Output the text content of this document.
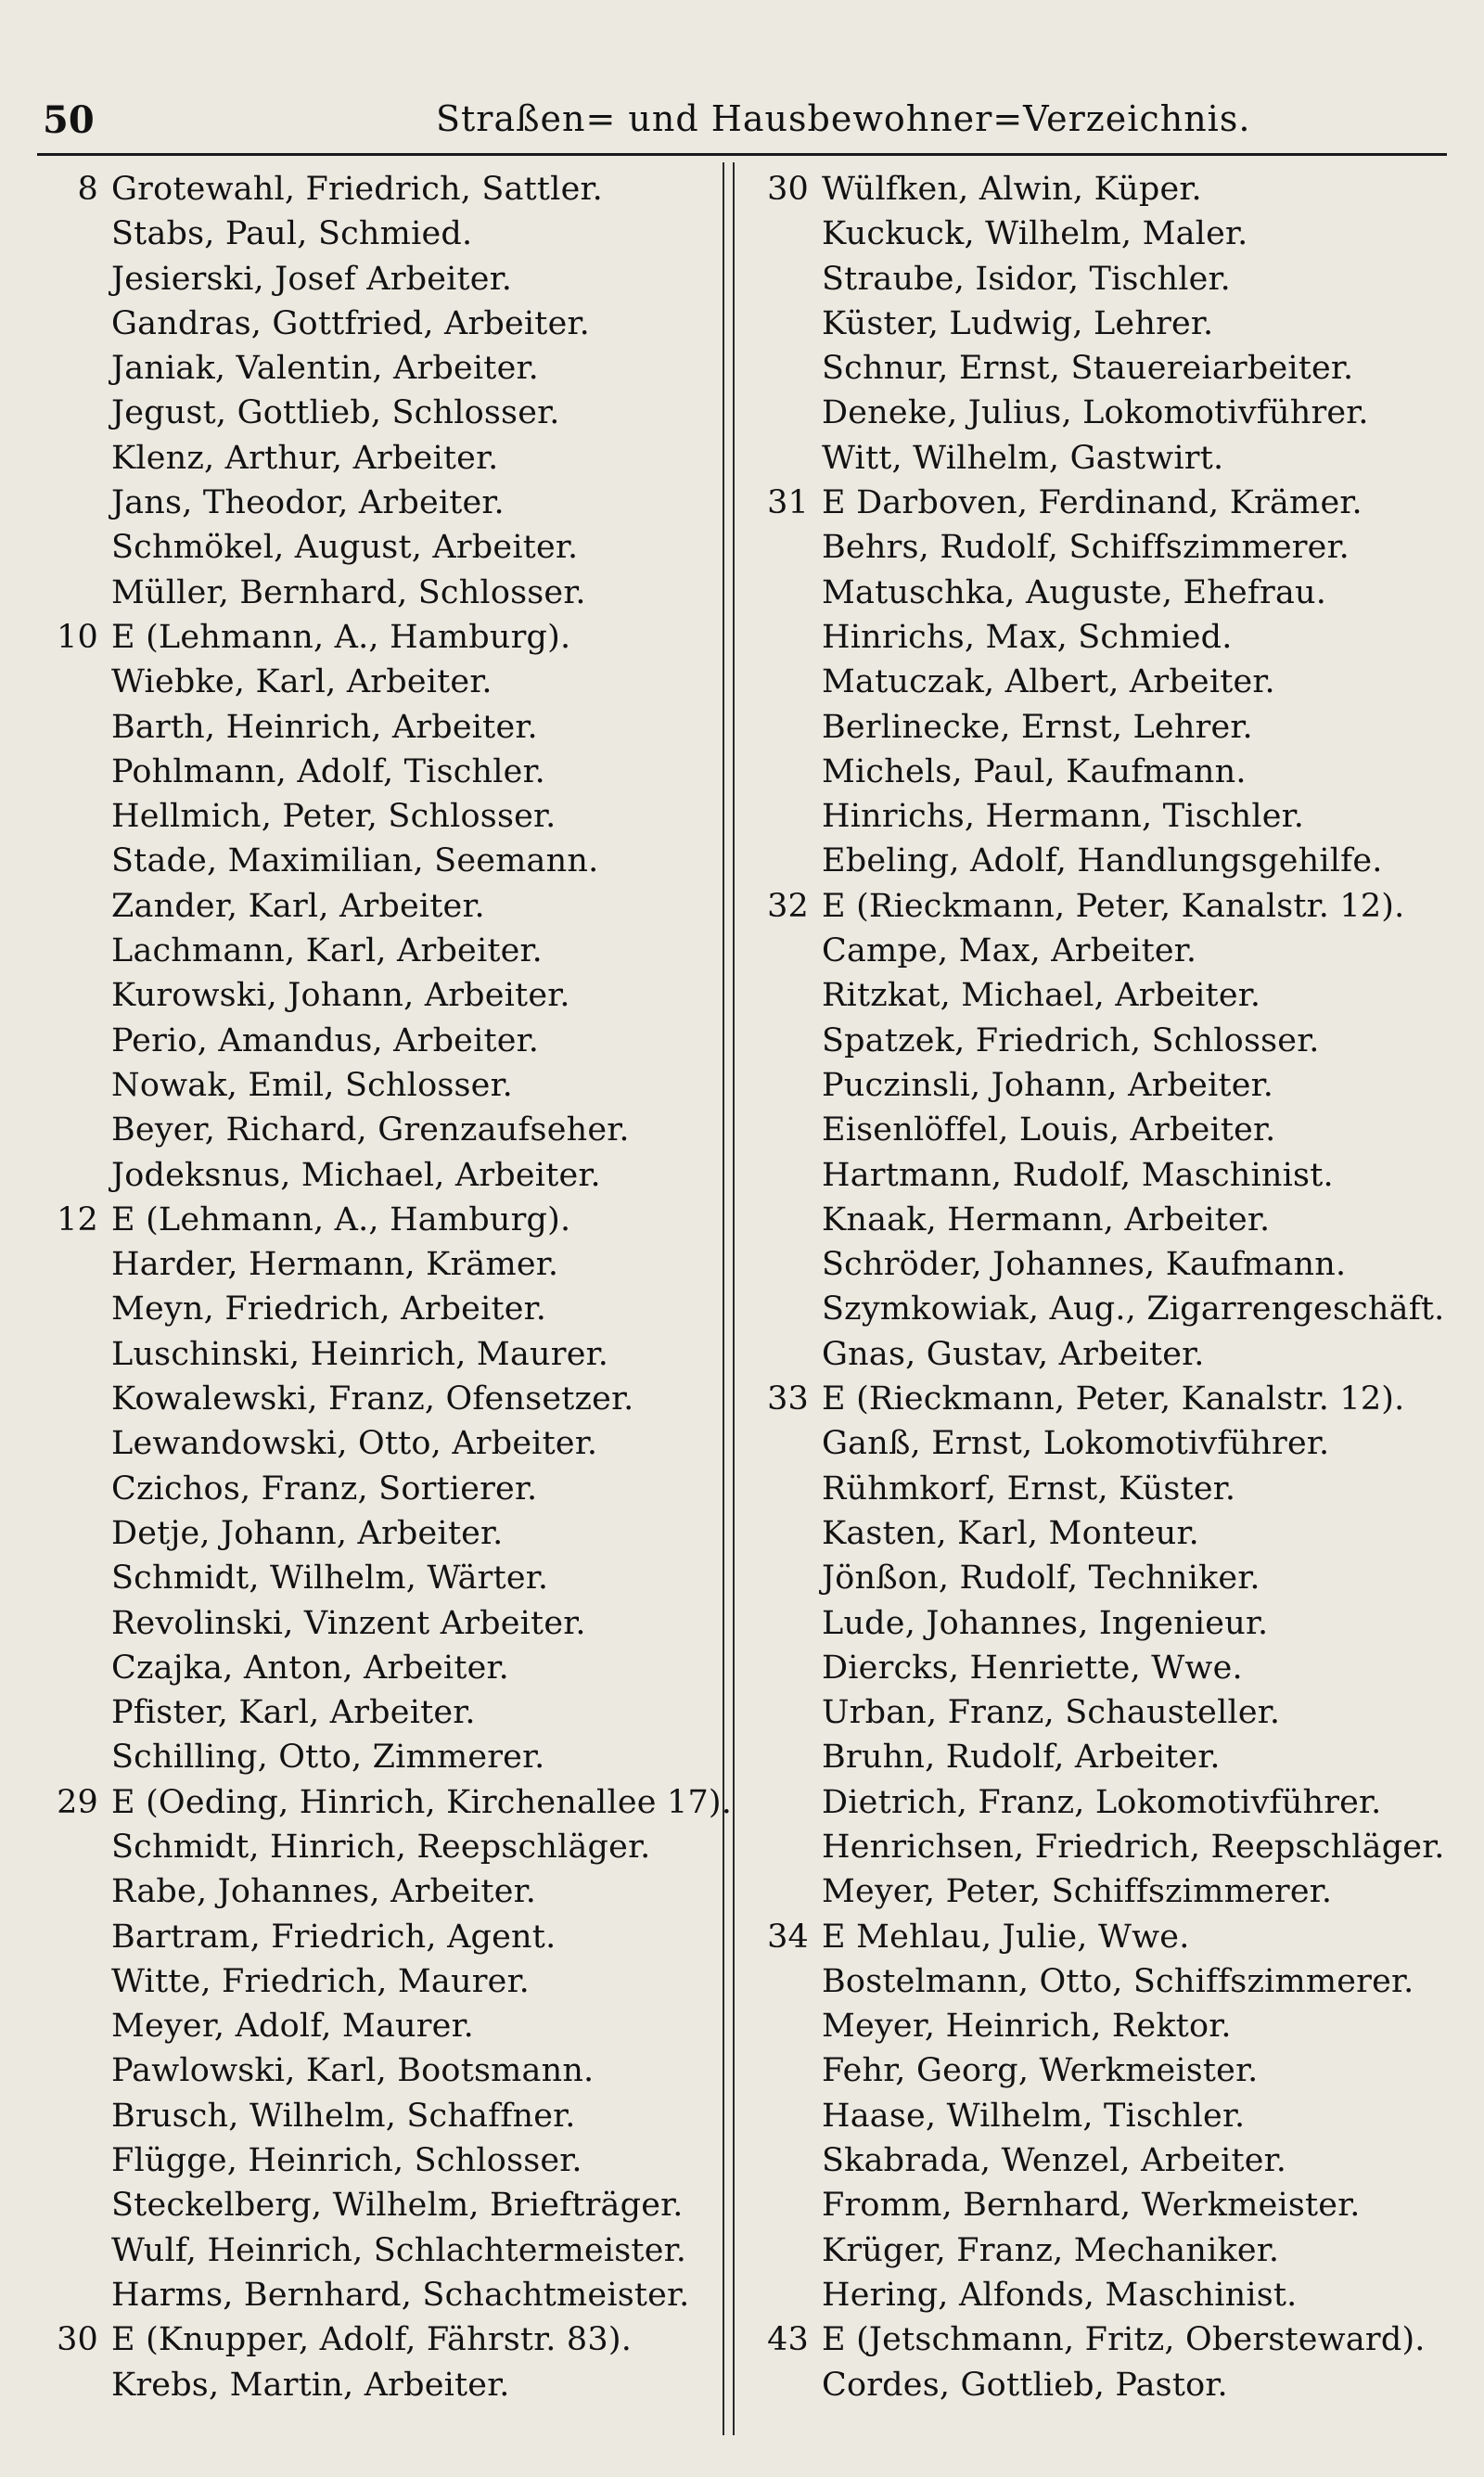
50	Straßen= und Hausbewohner=Verzeichnis.
8 Grotewahl, Friedrich, Sattler.
Stabs, Paul, Schmied.
Jesierski, Josef Arbeiter.
Gandras, Gottfried, Arbeiter.
Janiak, Valentin, Arbeiter.
Jegust, Gottlieb, Schlosser.
Klenz, Arthur, Arbeiter.
Jans, Theodor, Arbeiter.
Schmökel, August, Arbeiter.
Müller, Bernhard, Schlosser.
10 E (Lehmann, A., Hamburg).
Wiebke, Karl, Arbeiter.
Barth, Heinrich, Arbeiter.
Pohlmann, Adolf, Tischler.
Hellmich, Peter, Schlosser.
Stade, Maximilian, Seemann.
Zander, Karl, Arbeiter.
Lachmann, Karl, Arbeiter.
Kurowski, Johann, Arbeiter.
Perio, Amandus, Arbeiter.
Nowak, Emil, Schlosser.
Beyer, Richard, Grenzaufseher.
Jodeksnus, Michael, Arbeiter.
12 E (Lehmann, A., Hamburg).
Harder, Hermann, Krämer.
Meyn, Friedrich, Arbeiter.
Luschinski, Heinrich, Maurer.
Kowalewski, Franz, Ofensetzer.
Lewandowski, Otto, Arbeiter.
Czichos, Franz, Sortierer.
Detje, Johann, Arbeiter.
Schmidt, Wilhelm, Wärter.
Revolinski, Vinzent Arbeiter.
Czajka, Anton, Arbeiter.
Pfister, Karl, Arbeiter.
Schilling, Otto, Zimmerer.
29 E (Oeding, Hinrich, Kirchenallee 17).
Schmidt, Hinrich, Reepschläger.
Rabe, Johannes, Arbeiter.
Bartram, Friedrich, Agent.
Witte, Friedrich, Maurer.
Meyer, Adolf, Maurer.
Pawlowski, Karl, Bootsmann.
Brusch, Wilhelm, Schaffner.
Flügge, Heinrich, Schlosser.
Steckelberg, Wilhelm, Briefträger.
Wulf, Heinrich, Schlachtermeister.
Harms, Bernhard, Schachtmeister.
30 E (Knupper, Adolf, Fährstr. 83).
Krebs, Martin, Arbeiter.
30 Wülfken, Alwin, Küper.
Kuckuck, Wilhelm, Maler.
Straube, Isidor, Tischler.
Küster, Ludwig, Lehrer.
Schnur, Ernst, Stauereiarbeiter.
Deneke, Julius, Lokomotivführer.
Witt, Wilhelm, Gastwirt.
31 E Darboven, Ferdinand, Krämer.
Behrs, Rudolf, Schiffszimmerer.
Matuschka, Auguste, Ehefrau.
Hinrichs, Max, Schmied.
Matuczak, Albert, Arbeiter.
Berlinecke, Ernst, Lehrer.
Michels, Paul, Kaufmann.
Hinrichs, Hermann, Tischler.
Ebeling, Adolf, Handlungsgehilfe.
32 E (Rieckmann, Peter, Kanalstr. 12).
Campe, Max, Arbeiter.
Ritzkat, Michael, Arbeiter.
Spatzek, Friedrich, Schlosser.
Puczinsli, Johann, Arbeiter.
Eisenlöffel, Louis, Arbeiter.
Hartmann, Rudolf, Maschinist.
Knaak, Hermann, Arbeiter.
Schröder, Johannes, Kaufmann.
Szymkowiak, Aug., Zigarrengeschäft.
Gnas, Gustav, Arbeiter.
33 E (Rieckmann, Peter, Kanalstr. 12).
Ganß, Ernst, Lokomotivführer.
Rühmkorf, Ernst, Küster.
Kasten, Karl, Monteur.
Jönßon, Rudolf, Techniker.
Lude, Johannes, Ingenieur.
Diercks, Henriette, Wwe.
Urban, Franz, Schausteller.
Bruhn, Rudolf, Arbeiter.
Dietrich, Franz, Lokomotivführer.
Henrichsen, Friedrich, Reepschläger.
Meyer, Peter, Schiffszimmerer.
34 E Mehlau, Julie, Wwe.
Bostelmann, Otto, Schiffszimmerer.
Meyer, Heinrich, Rektor.
Fehr, Georg, Werkmeister.
Haase, Wilhelm, Tischler.
Skabrada, Wenzel, Arbeiter.
Fromm, Bernhard, Werkmeister.
Krüger, Franz, Mechaniker.
Hering, Alfonds, Maschinist.
43 E (Jetschmann, Fritz, Obersteward).
Cordes, Gottlieb, Pastor.
